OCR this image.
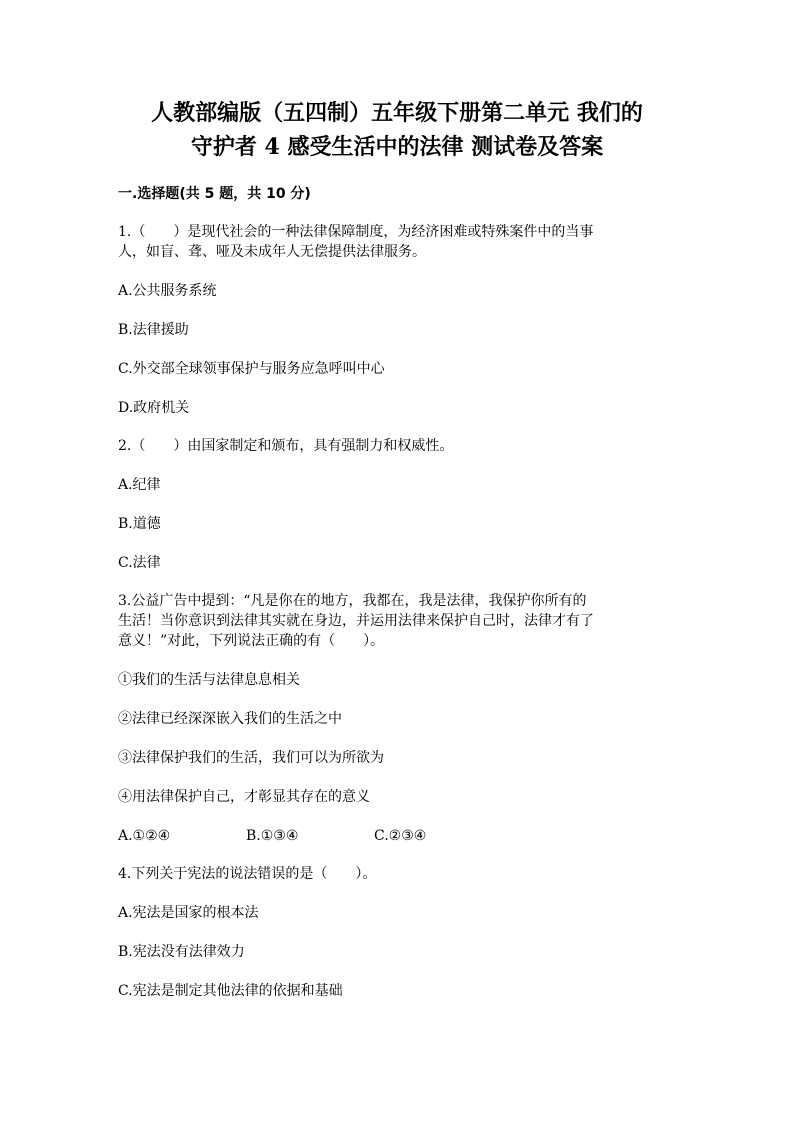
人教部编版（五四制）五年级下册第二单元 我们的
守护者 4 感受生活中的法律 测试卷及答案
一.选择题(共 5 题，共 10 分)
1.（　　）是现代社会的一种法律保障制度，为经济困难或特殊案件中的当事
人，如盲、聋、哑及未成年人无偿提供法律服务。
A.公共服务系统
B.法律援助
C.外交部全球领事保护与服务应急呼叫中心
D.政府机关
2.（　　）由国家制定和颁布，具有强制力和权威性。
A.纪律
B.道德
C.法律
3.公益广告中提到：“凡是你在的地方，我都在，我是法律，我保护你所有的
生活！当你意识到法律其实就在身边，并运用法律来保护自己时，法律才有了
意义！”对此，下列说法正确的有（　　）。
①我们的生活与法律息息相关
②法律已经深深嵌入我们的生活之中
③法律保护我们的生活，我们可以为所欲为
④用法律保护自己，才彰显其存在的意义
A.①②④	B.①③④	C.②③④
4.下列关于宪法的说法错误的是（　　）。
A.宪法是国家的根本法
B.宪法没有法律效力
C.宪法是制定其他法律的依据和基础
